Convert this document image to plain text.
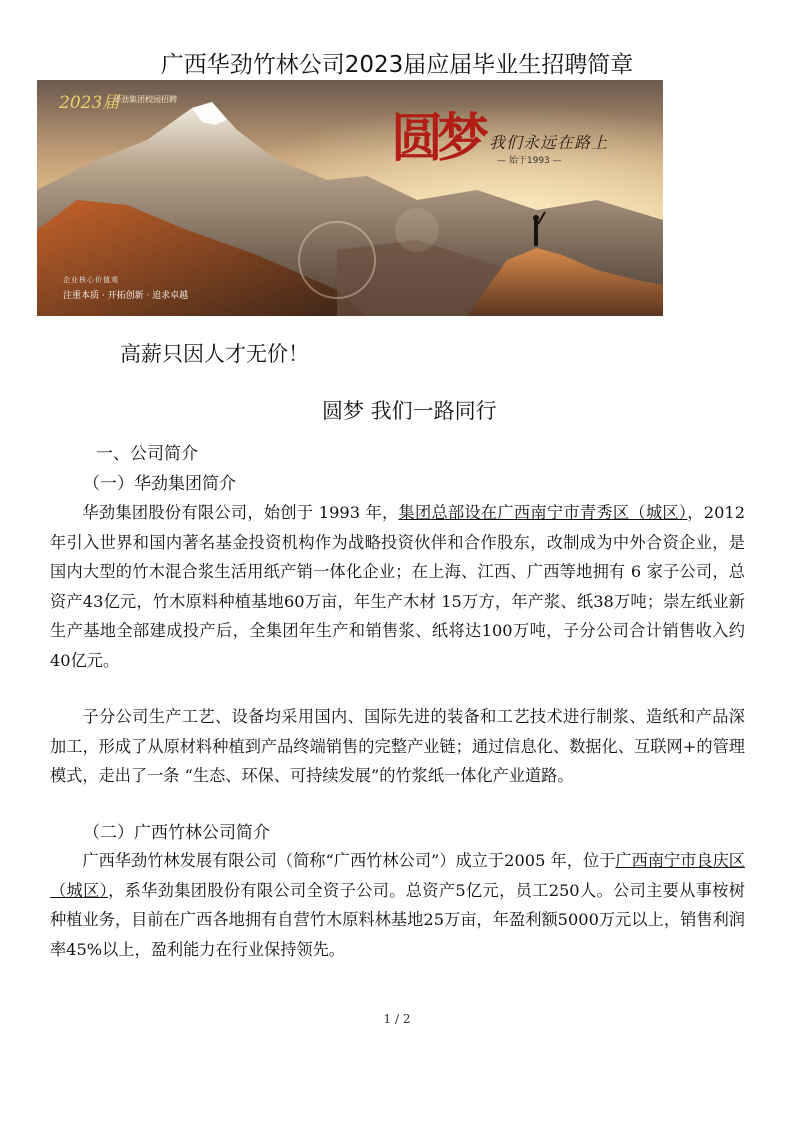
广西华劲竹林公司2023届应届毕业生招聘简章
2023届
华劲集团校园招聘
圆梦 我们永远在路上
— 始于1993 —
企业核心价值观
注重本质 · 开拓创新 · 追求卓越
高薪只因人才无价！
圆梦 我们一路同行
一、公司简介
（一）华劲集团简介

华劲集团股份有限公司，始创于 1993 年，集团总部设在广西南宁市青秀区（城区），2012年引入世界和国内著名基金投资机构作为战略投资伙伴和合作股东，改制成为中外合资企业，是国内大型的竹木混合浆生活用纸产销一体化企业；在上海、江西、广西等地拥有 6 家子公司，总资产43亿元，竹木原料种植基地60万亩，年生产木材 15万方，年产浆、纸38万吨；崇左纸业新生产基地全部建成投产后，全集团年生产和销售浆、纸将达100万吨，子分公司合计销售收入约40亿元。

子分公司生产工艺、设备均采用国内、国际先进的装备和工艺技术进行制浆、造纸和产品深加工，形成了从原材料种植到产品终端销售的完整产业链；通过信息化、数据化、互联网+的管理模式，走出了一条 “生态、环保、可持续发展”的竹浆纸一体化产业道路。

（二）广西竹林公司简介

广西华劲竹林发展有限公司（简称“广西竹林公司”）成立于2005 年，位于广西南宁市良庆区（城区），系华劲集团股份有限公司全资子公司。总资产5亿元，员工250人。公司主要从事桉树种植业务，目前在广西各地拥有自营竹木原料林基地25万亩，年盈利额5000万元以上，销售利润率45%以上，盈利能力在行业保持领先。

1 / 2
